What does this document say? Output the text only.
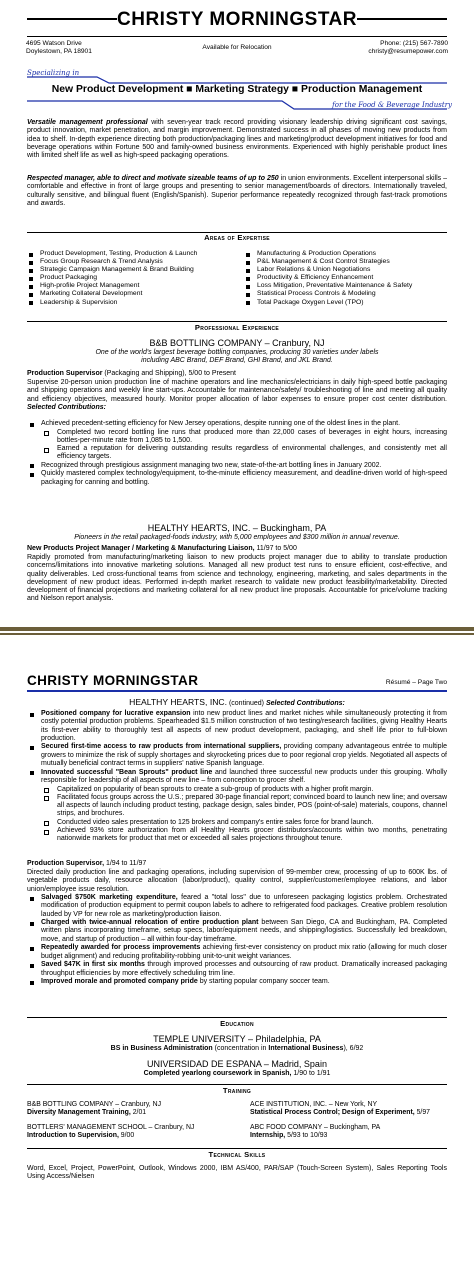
CHRISTY MORNINGSTAR
4695 Watson Drive
Doylestown, PA 18901
Available for Relocation
Phone: (215) 567-7890
christy@resumepower.com
Specializing in
New Product Development ■ Marketing Strategy ■ Production Management
for the Food & Beverage Industry
Versatile management professional with seven-year track record providing visionary leadership driving significant cost savings, product innovation, market penetration, and margin improvement. Demonstrated success in all phases of moving new products from idea to shelf. In-depth experience directing both production/packaging lines and marketing/product development initiatives for food and beverage operations within Fortune 500 and family-owned business environments. Experienced with highly perishable product lines with limited shelf life as well as high-speed packaging operations.
Respected manager, able to direct and motivate sizeable teams of up to 250 in union environments. Excellent interpersonal skills – comfortable and effective in front of large groups and presenting to senior management/boards of directors. Internationally traveled, culturally sensitive, and bilingual fluent (English/Spanish). Superior performance repeatedly recognized through fast-track promotions and awards.
Areas of Expertise
Product Development, Testing, Production & Launch
Focus Group Research & Trend Analysis
Strategic Campaign Management & Brand Building
Product Packaging
High-profile Project Management
Marketing Collateral Development
Leadership & Supervision
Manufacturing & Production Operations
P&L Management & Cost Control Strategies
Labor Relations & Union Negotiations
Productivity & Efficiency Enhancement
Loss Mitigation, Preventative Maintenance & Safety
Statistical Process Controls & Modeling
Total Package Oxygen Level (TPO)
Professional Experience
B&B BOTTLING COMPANY – Cranbury, NJ
One of the world's largest beverage bottling companies, producing 30 varieties under labels
including ABC Brand, DEF Brand, GHI Brand, and JKL Brand.
Production Supervisor (Packaging and Shipping), 5/00 to Present
Supervise 20-person union production line of machine operators and line mechanics/electricians in daily high-speed bottle packaging and shipping operations and weekly line start-ups. Accountable for maintenance/safety/ troubleshooting of line and meeting all quality and efficiency objectives, measured hourly. Monitor proper allocation of labor expenses to ensure proper cost center distribution. Selected Contributions:
Achieved precedent-setting efficiency for New Jersey operations, despite running one of the oldest lines in the plant.
Completed two record bottling line runs that produced more than 22,000 cases of beverages in eight hours, increasing bottles-per-minute rate from 1,085 to 1,500.
Earned a reputation for delivering outstanding results regardless of environmental challenges, and consistently met all efficiency targets.
Recognized through prestigious assignment managing two new, state-of-the-art bottling lines in January 2002.
Quickly mastered complex technology/equipment, to-the-minute efficiency measurement, and deadline-driven world of high-speed packaging for canning and bottling.
HEALTHY HEARTS, INC. – Buckingham, PA
Pioneers in the retail packaged-foods industry, with 5,000 employees and $300 million in annual revenue.
New Products Project Manager / Marketing & Manufacturing Liaison, 11/97 to 5/00
Rapidly promoted from manufacturing/marketing liaison to new products project manager due to ability to translate production concerns/limitations into innovative marketing solutions. Managed all new product test runs to ensure efficient, cost-effective, and quality deliverables. Led cross-functional teams from science and technology, engineering, marketing, and sales departments in the development of new product ideas. Performed in-depth market research to validate new product feasibility/marketability. Directed development of financial projections and marketing collateral for all new product line proposals. Accountable for price/volume tracking and Nielson report analysis.
CHRISTY MORNINGSTAR	Résumé – Page Two
HEALTHY HEARTS, INC. (continued) Selected Contributions:
Positioned company for lucrative expansion into new product lines and market niches while simultaneously protecting it from costly potential production problems. Spearheaded $1.5 million construction of two testing/research facilities, giving Healthy Hearts its first-ever ability to thoroughly test all aspects of new product development, packaging, and shelf life prior to full-blown production.
Secured first-time access to raw products from international suppliers, providing company advantageous entrée to multiple growers to minimize the risk of supply shortages and skyrocketing prices due to poor regional crop yields. Negotiated all aspects of mutually beneficial contract terms in suppliers' native Spanish language.
Innovated successful "Bean Sprouts" product line and launched three successful new products under this grouping. Wholly responsible for leadership of all aspects of new line – from conception to grocer shelf.
Capitalized on popularity of bean sprouts to create a sub-group of products with a higher profit margin.
Facilitated focus groups across the U.S.; prepared 30-page financial report; convinced board to launch new line; and oversaw all aspects of launch including product testing, package design, sales binder, POS (point-of-sale) materials, coupons, channel strips, and brochures.
Conducted video sales presentation to 125 brokers and company's entire sales force for brand launch.
Achieved 93% store authorization from all Healthy Hearts grocer distributors/accounts within two months, penetrating nationwide markets for product that met or exceeded all sales projections throughout tenure.
Production Supervisor, 1/94 to 11/97
Directed daily production line and packaging operations, including supervision of 99-member crew, processing of up to 600K lbs. of vegetable products daily, resource allocation (labor/product), quality control, supplier/customer/employee relations, and labor union/employee issue resolution.
Salvaged $750K marketing expenditure, feared a "total loss" due to unforeseen packaging logistics problem. Orchestrated modification of production equipment to permit coupon labels to adhere to refrigerated food packages. Creative problem resolution lauded by VP for new role as marketing/production liaison.
Charged with twice-annual relocation of entire production plant between San Diego, CA and Buckingham, PA. Completed written plans incorporating timeframe, setup specs, labor/equipment needs, and shipping/logistics. Successfully led breakdown, move, and startup of production – all within four-day timeframe.
Repeatedly awarded for process improvements achieving first-ever consistency on product mix ratio (allowing for much closer budget alignment) and reducing profitability-robbing unit-to-unit weight variances.
Saved $47K in first six months through improved processes and outsourcing of raw product. Dramatically increased packaging throughput efficiencies by more effectively scheduling trim line.
Improved morale and promoted company pride by starting popular company soccer team.
Education
TEMPLE UNIVERSITY – Philadelphia, PA
BS in Business Administration (concentration in International Business), 6/92
UNIVERSIDAD DE ESPANA – Madrid, Spain
Completed yearlong coursework in Spanish, 1/90 to 1/91
Training
B&B BOTTLING COMPANY – Cranbury, NJ
Diversity Management Training, 2/01
ACE INSTITUTION, INC. – New York, NY
Statistical Process Control; Design of Experiment, 5/97
BOTTLERS' MANAGEMENT SCHOOL – Cranbury, NJ
Introduction to Supervision, 9/00
ABC FOOD COMPANY – Buckingham, PA
Internship, 5/93 to 10/93
Technical Skills
Word, Excel, Project, PowerPoint, Outlook, Windows 2000, IBM AS/400, PAR/SAP (Touch-Screen System), Sales Reporting Tools Using Access/Nielsen
